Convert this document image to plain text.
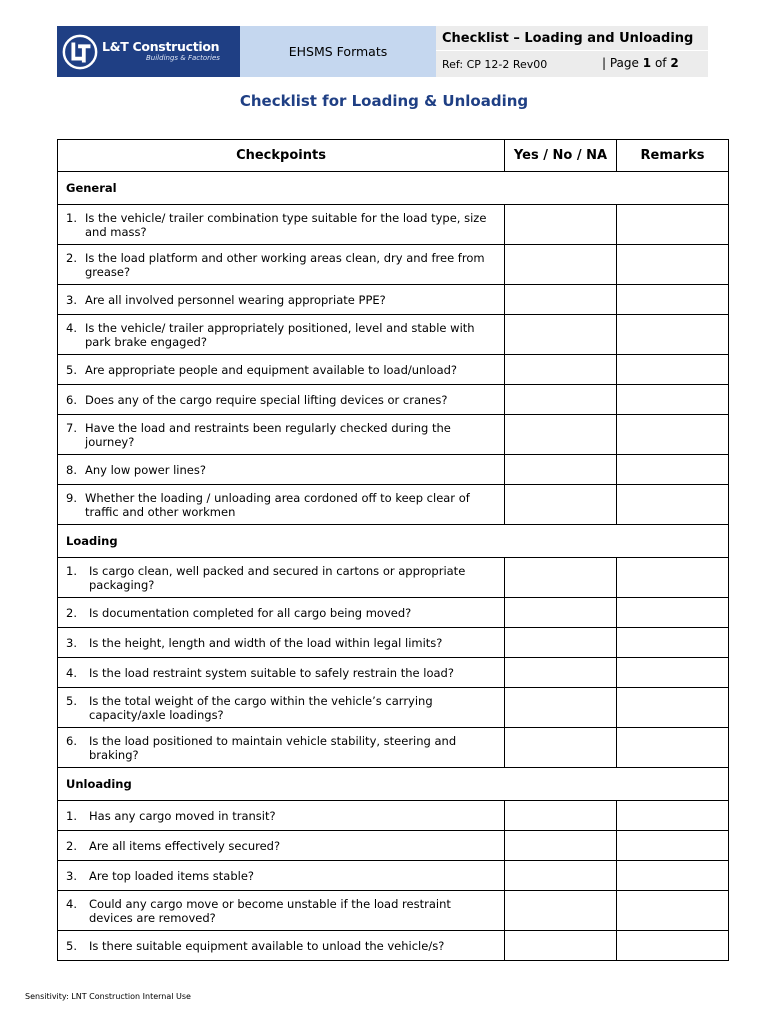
L&T Construction
Buildings & Factories	EHSMS Formats
Checklist – Loading and Unloading
Ref: CP 12-2 Rev00	| Page 1 of 2
Checklist for Loading & Unloading
Checkpoints	Yes / No / NA	Remarks
General		

1. Is the vehicle/ trailer combination type suitable for the load type, size and mass?		

2. Is the load platform and other working areas clean, dry and free from grease?		

3. Are all involved personnel wearing appropriate PPE?		

4. Is the vehicle/ trailer appropriately positioned, level and stable with park brake engaged?		

5. Are appropriate people and equipment available to load/unload?		

6. Does any of the cargo require special lifting devices or cranes?		

7. Have the load and restraints been regularly checked during the journey?		

8. Any low power lines?		

9. Whether the loading / unloading area cordoned off to keep clear of traffic and other workmen		

Loading		

1. Is cargo clean, well packed and secured in cartons or appropriate packaging?		

2. Is documentation completed for all cargo being moved?		

3. Is the height, length and width of the load within legal limits?		

4. Is the load restraint system suitable to safely restrain the load?		

5. Is the total weight of the cargo within the vehicle’s carrying capacity/axle loadings?		

6. Is the load positioned to maintain vehicle stability, steering and braking?		

Unloading		

1. Has any cargo moved in transit?		

2. Are all items effectively secured?		

3. Are top loaded items stable?		

4. Could any cargo move or become unstable if the load restraint devices are removed?		

5. Is there suitable equipment available to unload the vehicle/s?		

Sensitivity: LNT Construction Internal Use
